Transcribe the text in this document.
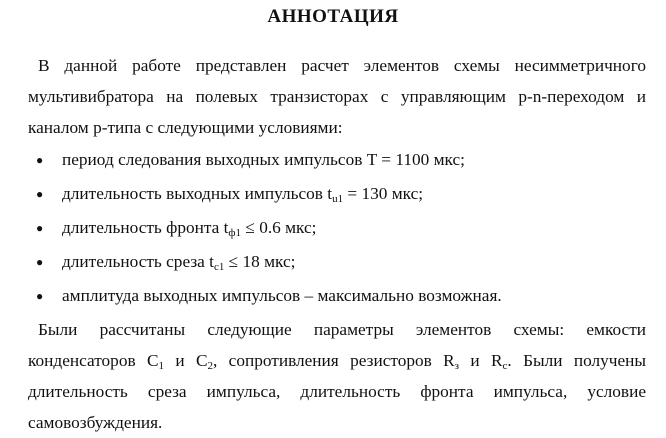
АННОТАЦИЯ
В данной работе представлен расчет элементов схемы несимметричного мультивибратора на полевых транзисторах с управляющим p-n-переходом и каналом p-типа с следующими условиями:
● период следования выходных импульсов T = 1100 мкс;
● длительность выходных импульсов $t_{u1} = 130$ мкс;
● длительность фронта $t_{ф1} \le 0.6$ мкс;
● длительность среза $t_{c1} \le 18$ мкс;
● амплитуда выходных импульсов – максимально возможная.
Были рассчитаны следующие параметры элементов схемы: емкости конденсаторов $C_1$ и $C_2$, сопротивления резисторов $R_з$ и $R_c$. Были получены длительность среза импульса, длительность фронта импульса, условие самовозбуждения.
